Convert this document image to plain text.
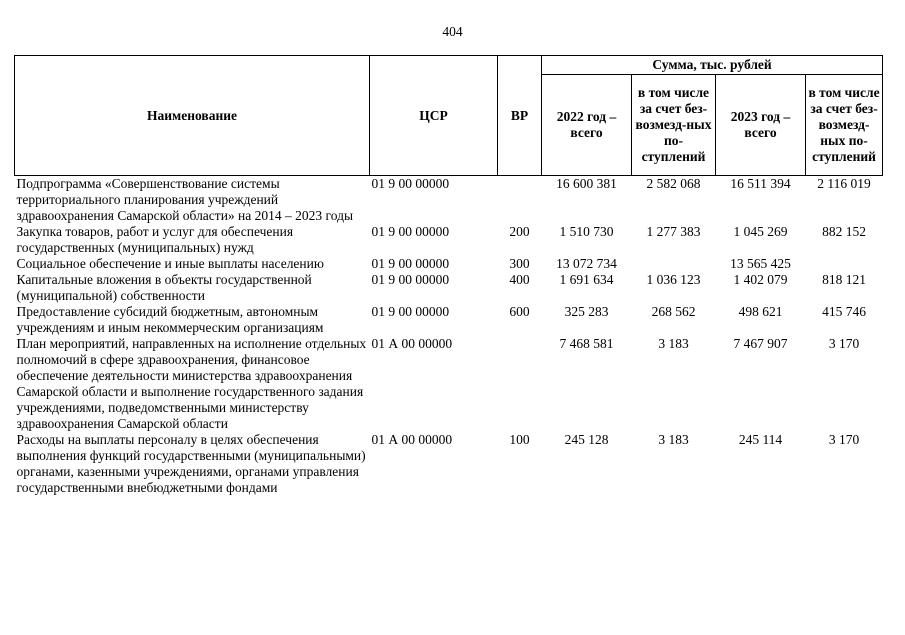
404
Наименование	ЦСР	ВР	Сумма, тыс. рублей			
			2022 год – всего	в том числе за счет без-возмезд-ных по-ступлений	2023 год – всего	в том числе за счет без-возмезд-ных по-ступлений
Подпрограмма «Совершенствование системы территориального планирования учреждений здравоохранения Самарской области» на 2014 – 2023 годы	01 9 00 00000		16 600 381	2 582 068	16 511 394	2 116 019
Закупка товаров, работ и услуг для обеспечения государственных (муниципальных) нужд	01 9 00 00000	200	1 510 730	1 277 383	1 045 269	882 152
Социальное обеспечение и иные выплаты населению	01 9 00 00000	300	13 072 734		13 565 425	
Капитальные вложения в объекты государственной (муниципальной) собственности	01 9 00 00000	400	1 691 634	1 036 123	1 402 079	818 121
Предоставление субсидий бюджетным, автономным учреждениям и иным некоммерческим организациям	01 9 00 00000	600	325 283	268 562	498 621	415 746
План мероприятий, направленных на исполнение отдельных полномочий в сфере здравоохранения, финансовое обеспечение деятельности министерства здравоохранения Самарской области и выполнение государственного задания учреждениями, подведомственными министерству здравоохранения Самарской области	01 А 00 00000		7 468 581	3 183	7 467 907	3 170
Расходы на выплаты персоналу в целях обеспечения выполнения функций государственными (муниципальными) органами, казенными учреждениями, органами управления государственными внебюджетными фондами	01 А 00 00000	100	245 128	3 183	245 114	3 170
